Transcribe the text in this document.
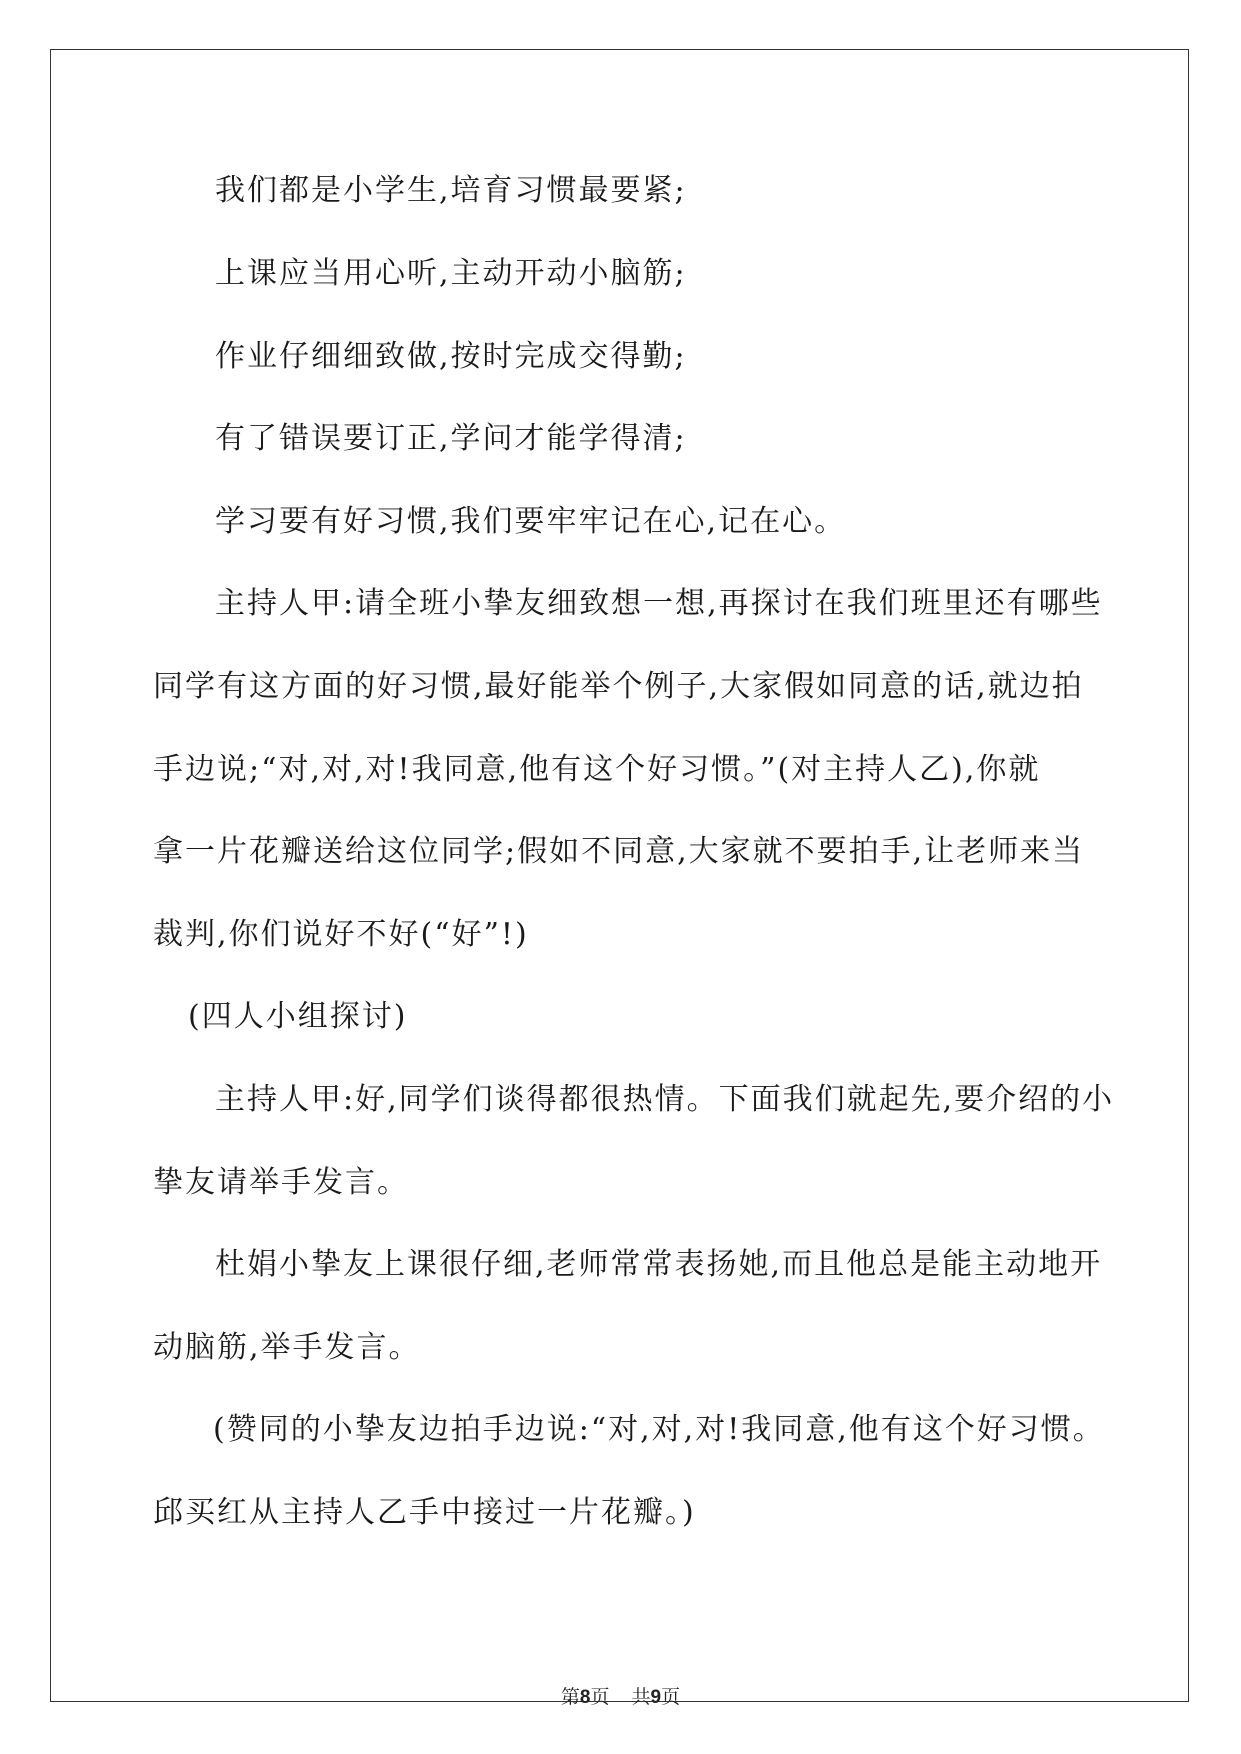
我们都是小学生,培育习惯最要紧;
上课应当用心听,主动开动小脑筋;
作业仔细细致做,按时完成交得勤;
有了错误要订正,学问才能学得清;
学习要有好习惯,我们要牢牢记在心,记在心。
主持人甲:请全班小挚友细致想一想,再探讨在我们班里还有哪些
同学有这方面的好习惯,最好能举个例子,大家假如同意的话,就边拍
手边说;“对,对,对!我同意,他有这个好习惯。”(对主持人乙),你就
拿一片花瓣送给这位同学;假如不同意,大家就不要拍手,让老师来当
裁判,你们说好不好(“好”!)
(四人小组探讨)
主持人甲:好,同学们谈得都很热情。下面我们就起先,要介绍的小
挚友请举手发言。
杜娟小挚友上课很仔细,老师常常表扬她,而且他总是能主动地开
动脑筋,举手发言。
(赞同的小挚友边拍手边说:“对,对,对!我同意,他有这个好习惯。
邱买红从主持人乙手中接过一片花瓣。)
第8页 共9页
